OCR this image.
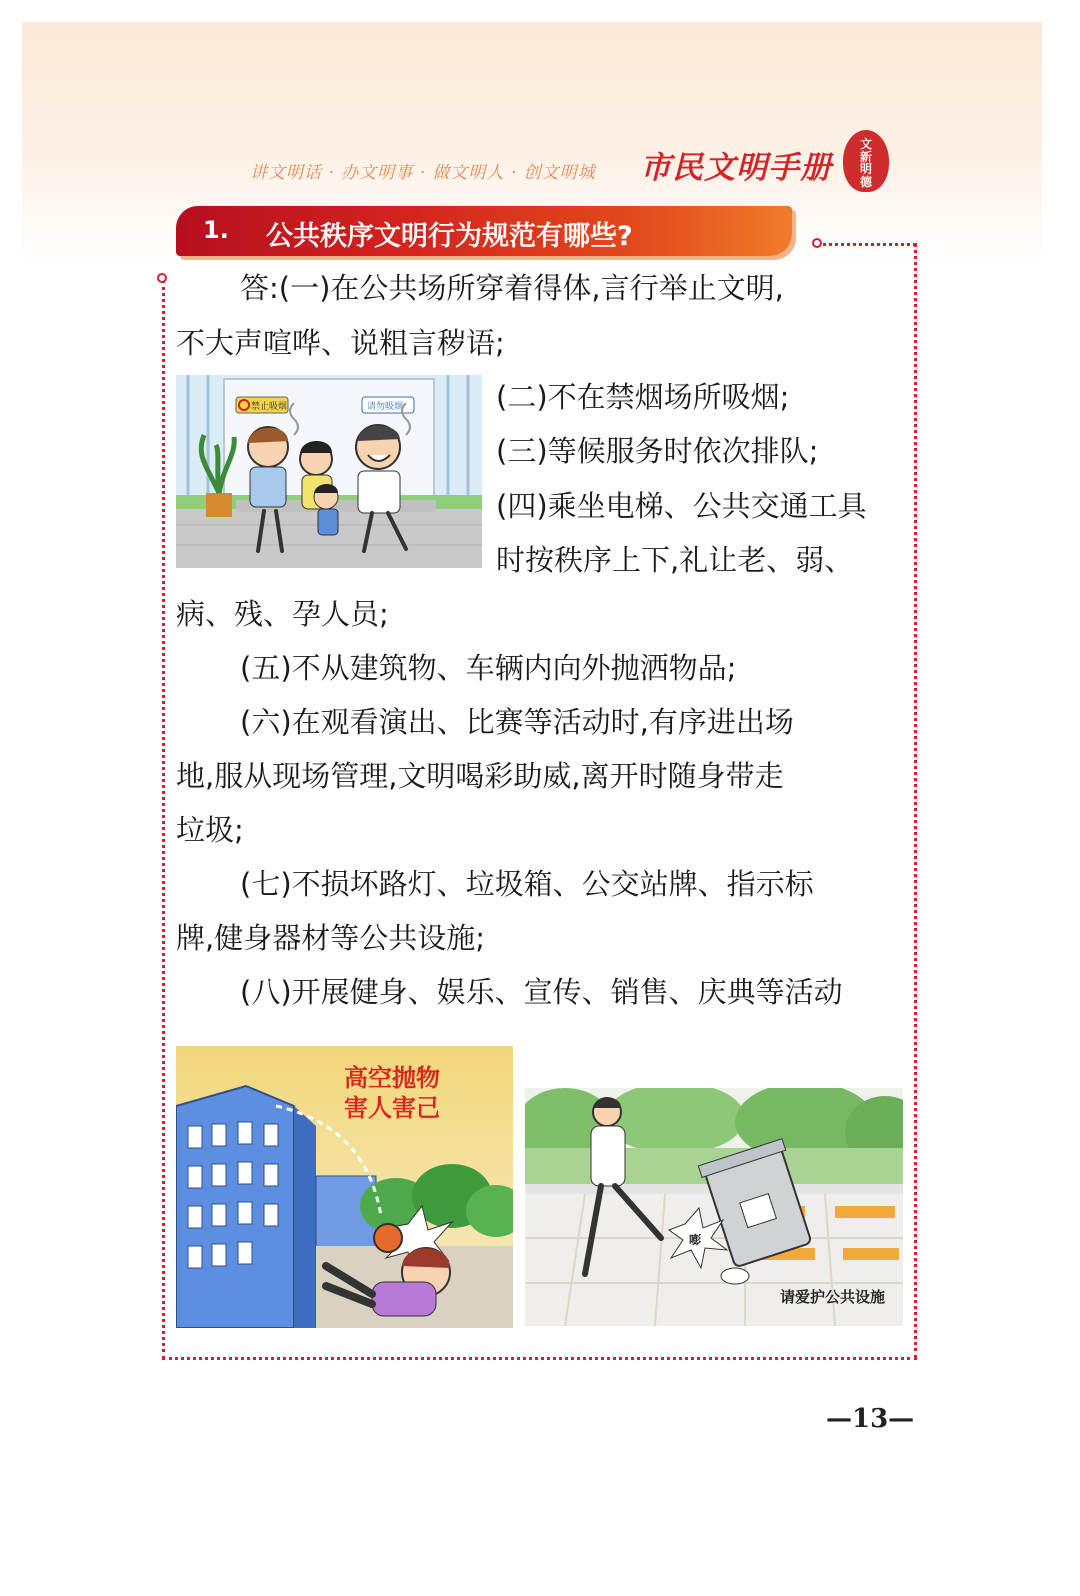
讲文明话 · 办文明事 · 做文明人 · 创文明城 市民文明手册
文
新
明
德
1. 公共秩序文明行为规范有哪些?
答:(一)在公共场所穿着得体,言行举止文明,
不大声喧哗、说粗言秽语;
(二)不在禁烟场所吸烟;
(三)等候服务时依次排队;
(四)乘坐电梯、公共交通工具
时按秩序上下,礼让老、弱、
病、残、孕人员;
(五)不从建筑物、车辆内向外抛洒物品;
(六)在观看演出、比赛等活动时,有序进出场
地,服从现场管理,文明喝彩助威,离开时随身带走
垃圾;
(七)不损坏路灯、垃圾箱、公交站牌、指示标
牌,健身器材等公共设施;
(八)开展健身、娱乐、宣传、销售、庆典等活动
禁止吸烟	请勿吸烟
高空抛物
害人害己
嘭
请爱护公共设施
—13—
